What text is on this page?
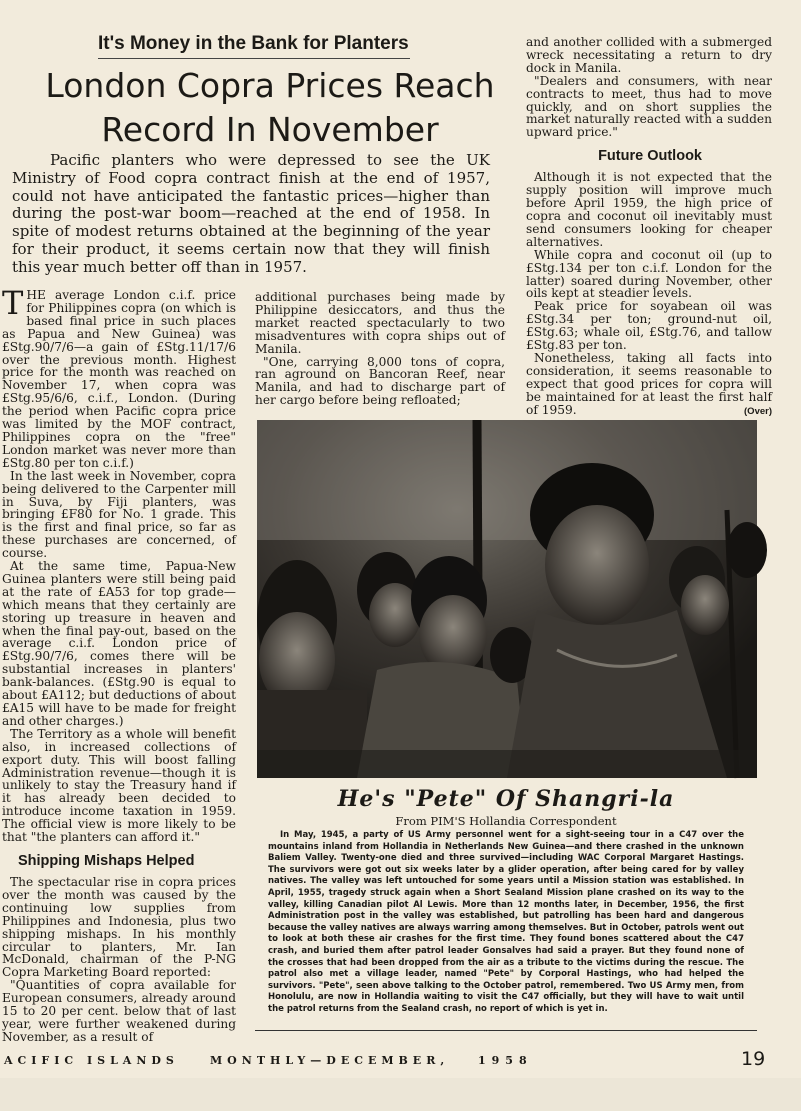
It's Money in the Bank for Planters
London Copra Prices Reach
Record In November
Pacific planters who were depressed to see the UK Ministry of Food copra contract finish at the end of 1957, could not have anticipated the fantastic prices—higher than during the post-war boom—reached at the end of 1958. In spite of modest returns obtained at the beginning of the year for their product, it seems certain now that they will finish this year much better off than in 1957.

THE average London c.i.f. price for Philippines copra (on which is based final price in such places as Papua and New Guinea) was £Stg.90/7/6—a gain of £Stg.11/17/6 over the previous month. Highest price for the month was reached on November 17, when copra was £Stg.95/6/6, c.i.f., London. (During the period when Pacific copra price was limited by the MOF contract, Philippines copra on the "free" London market was never more than £Stg.80 per ton c.i.f.)

In the last week in November, copra being delivered to the Carpenter mill in Suva, by Fiji planters, was bringing £F80 for No. 1 grade. This is the first and final price, so far as these purchases are concerned, of course.

At the same time, Papua-New Guinea planters were still being paid at the rate of £A53 for top grade—which means that they certainly are storing up treasure in heaven and when the final pay-out, based on the average c.i.f. London price of £Stg.90/7/6, comes there will be substantial increases in planters' bank-balances. (£Stg.90 is equal to about £A112; but deductions of about £A15 will have to be made for freight and other charges.)

The Territory as a whole will benefit also, in increased collections of export duty. This will boost falling Administration revenue—though it is unlikely to stay the Treasury hand if it has already been decided to introduce income taxation in 1959. The official view is more likely to be that "the planters can afford it."

Shipping Mishaps Helped

The spectacular rise in copra prices over the month was caused by the continuing low supplies from Philippines and Indonesia, plus two shipping mishaps. In his monthly circular to planters, Mr. Ian McDonald, chairman of the P-NG Copra Marketing Board reported:

"Quantities of copra available for European consumers, already around 15 to 20 per cent. below that of last year, were further weakened during November, as a result of

additional purchases being made by Philippine desiccators, and thus the market reacted spectacularly to two misadventures with copra ships out of Manila.

"One, carrying 8,000 tons of copra, ran aground on Bancoran Reef, near Manila, and had to discharge part of her cargo before being refloated;

and another collided with a submerged wreck necessitating a return to dry dock in Manila.

"Dealers and consumers, with near contracts to meet, thus had to move quickly, and on short supplies the market naturally reacted with a sudden upward price."

Future Outlook

Although it is not expected that the supply position will improve much before April 1959, the high price of copra and coconut oil inevitably must send consumers looking for cheaper alternatives.

While copra and coconut oil (up to £Stg.134 per ton c.i.f. London for the latter) soared during November, other oils kept at steadier levels.

Peak price for soyabean oil was £Stg.34 per ton; ground-nut oil, £Stg.63; whale oil, £Stg.76, and tallow £Stg.83 per ton.

Nonetheless, taking all facts into consideration, it seems reasonable to expect that good prices for copra will be maintained for at least the first half of 1959.	(Over)

He's "Pete" Of Shangri-la
From PIM'S Hollandia Correspondent
In May, 1945, a party of US Army personnel went for a sight-seeing tour in a C47 over the mountains inland from Hollandia in Netherlands New Guinea—and there crashed in the unknown Baliem Valley. Twenty-one died and three survived—including WAC Corporal Margaret Hastings. The survivors were got out six weeks later by a glider operation, after being cared for by valley natives. The valley was left untouched for some years until a Mission station was established. In April, 1955, tragedy struck again when a Short Sealand Mission plane crashed on its way to the valley, killing Canadian pilot Al Lewis. More than 12 months later, in December, 1956, the first Administration post in the valley was established, but patrolling has been hard and dangerous because the valley natives are always warring among themselves. But in October, patrols went out to look at both these air crashes for the first time. They found bones scattered about the C47 crash, and buried them after patrol leader Gonsalves had said a prayer. But they found none of the crosses that had been dropped from the air as a tribute to the victims during the rescue. The patrol also met a village leader, named "Pete" by Corporal Hastings, who had helped the survivors. "Pete", seen above talking to the October patrol, remembered. Two US Army men, from Honolulu, are now in Hollandia waiting to visit the C47 officially, but they will have to wait until the patrol returns from the Sealand crash, no report of which is yet in.
ACIFIC ISLANDS	MONTHLY—DECEMBER,	1958	19
